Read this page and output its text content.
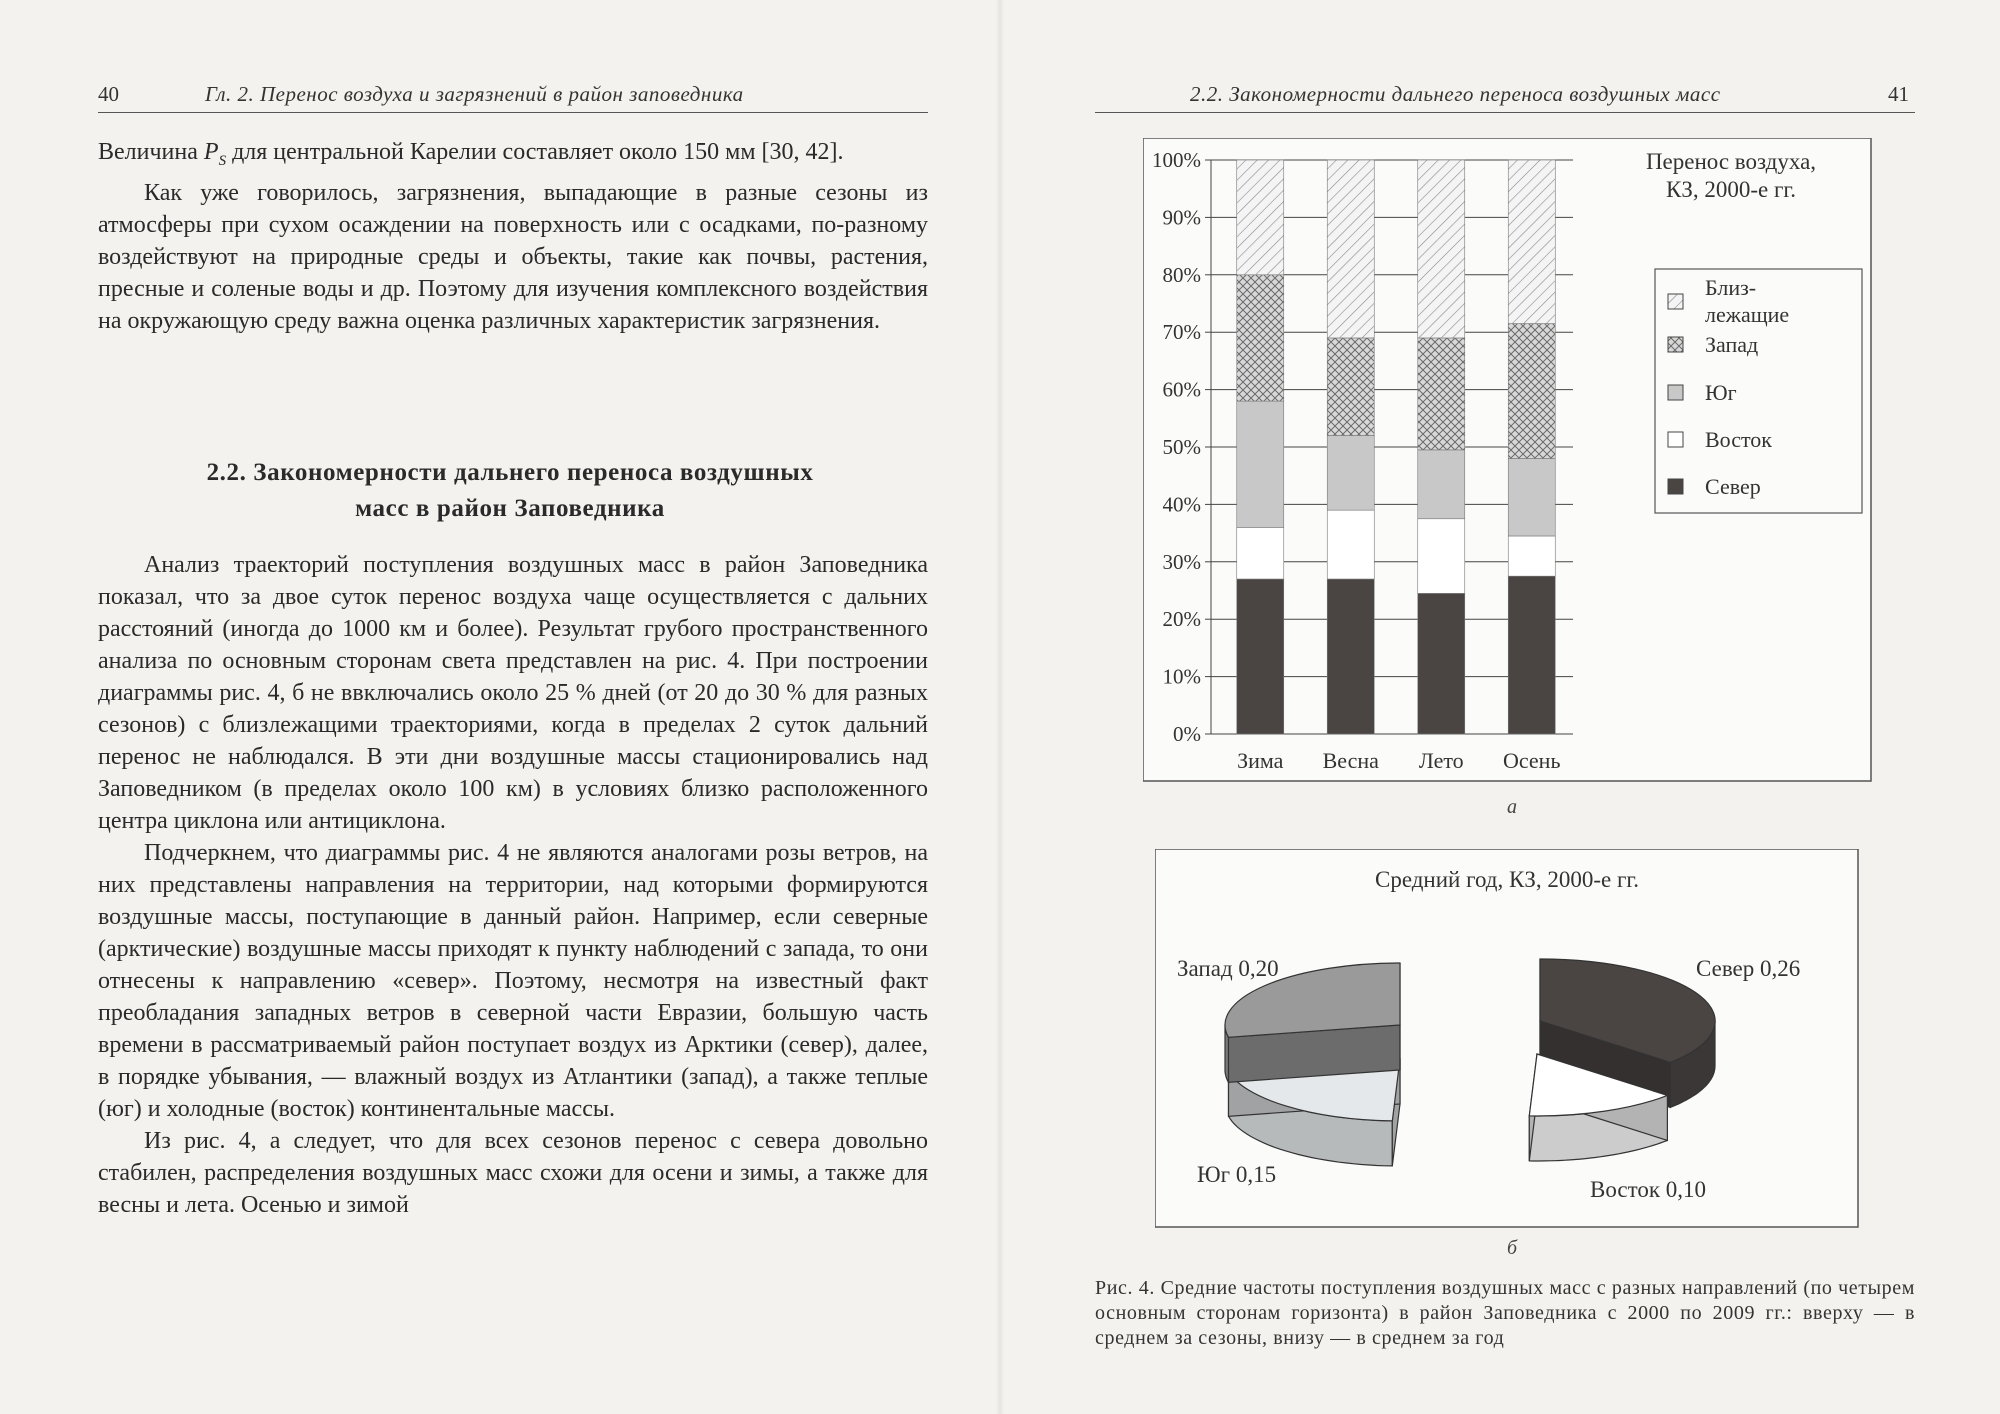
40	Гл. 2. Перенос воздуха и загрязнений в район заповедника

Величина $P_S$ для центральной Карелии составляет около 150 мм [30, 42].

Как уже говорилось, загрязнения, выпадающие в разные сезоны из атмосферы при сухом осаждении на поверхность или с осадками, по-разному воздействуют на природные среды и объекты, такие как почвы, растения, пресные и соленые воды и др. Поэтому для изучения комплексного воздействия на окружающую среду важна оценка различных характеристик загрязнения.

2.2. Закономерности дальнего переноса воздушных
масс в район Заповедника

Анализ траекторий поступления воздушных масс в район Заповедника показал, что за двое суток перенос воздуха чаще осуществляется с дальних расстояний (иногда до 1000 км и более). Результат грубого пространственного анализа по основным сторонам света представлен на рис. 4. При построении диаграммы рис. 4, б не ввключались около 25 % дней (от 20 до 30 % для разных сезонов) с близлежащими траекториями, когда в пределах 2 суток дальний перенос не наблюдался. В эти дни воздушные массы стационировались над Заповедником (в пределах около 100 км) в условиях близко расположенного центра циклона или антициклона.

Подчеркнем, что диаграммы рис. 4 не являются аналогами розы ветров, на них представлены направления на территории, над которыми формируются воздушные массы, поступающие в данный район. Например, если северные (арктические) воздушные массы приходят к пункту наблюдений с запада, то они отнесены к направлению «север». Поэтому, несмотря на известный факт преобладания западных ветров в северной части Евразии, большую часть времени в рассматриваемый район поступает воздух из Арктики (север), далее, в порядке убывания, — влажный воздух из Атлантики (запад), а также теплые (юг) и холодные (восток) континентальные массы.

Из рис. 4, а следует, что для всех сезонов перенос с севера довольно стабилен, распределения воздушных масс схожи для осени и зимы, а также для весны и лета. Осенью и зимой

2.2. Закономерности дальнего переноса воздушных масс	41
0%
10%
20%
30%
40%
50%
60%
70%
80%
90%
100%
Зима Весна Лето Осень
Перенос воздуха,
КЗ, 2000-е гг.
Близ-
лежащие
Запад
Юг
Восток
Север
а
Средний год, КЗ, 2000-е гг.
Запад 0,20	Север 0,26
Юг 0,15
Восток 0,10
б
Рис. 4. Средние частоты поступления воздушных масс с разных направлений (по четырем основным сторонам горизонта) в район Заповедника с 2000 по 2009 гг.: вверху — в среднем за сезоны, внизу — в среднем за год
